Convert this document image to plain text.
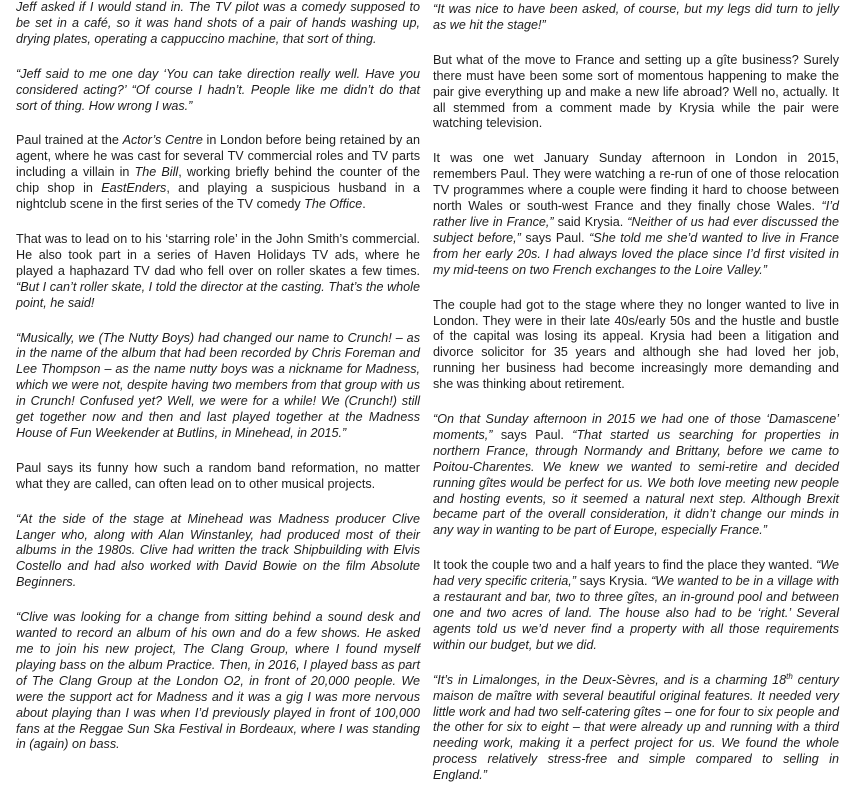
Jeff asked if I would stand in. The TV pilot was a comedy supposed to be set in a café, so it was hand shots of a pair of hands washing up, drying plates, operating a cappuccino machine, that sort of thing.

“Jeff said to me one day ‘You can take direction really well. Have you considered acting?’ “Of course I hadn’t. People like me didn’t do that sort of thing. How wrong I was.”

Paul trained at the Actor’s Centre in London before being retained by an agent, where he was cast for several TV commercial roles and TV parts including a villain in The Bill, working briefly behind the counter of the chip shop in EastEnders, and playing a suspicious husband in a nightclub scene in the first series of the TV comedy The Office.

That was to lead on to his ‘starring role’ in the John Smith’s commercial. He also took part in a series of Haven Holidays TV ads, where he played a haphazard TV dad who fell over on roller skates a few times. “But I can’t roller skate, I told the director at the casting. That’s the whole point, he said!

“Musically, we (The Nutty Boys) had changed our name to Crunch! – as in the name of the album that had been recorded by Chris Foreman and Lee Thompson – as the name nutty boys was a nickname for Madness, which we were not, despite having two members from that group with us in Crunch! Confused yet? Well, we were for a while! We (Crunch!) still get together now and then and last played together at the Madness House of Fun Weekender at Butlins, in Minehead, in 2015.”

Paul says its funny how such a random band reformation, no matter what they are called, can often lead on to other musical projects.

“At the side of the stage at Minehead was Madness producer Clive Langer who, along with Alan Winstanley, had produced most of their albums in the 1980s. Clive had written the track Shipbuilding with Elvis Costello and had also worked with David Bowie on the film Absolute Beginners.

“Clive was looking for a change from sitting behind a sound desk and wanted to record an album of his own and do a few shows. He asked me to join his new project, The Clang Group, where I found myself playing bass on the album Practice. Then, in 2016, I played bass as part of The Clang Group at the London O2, in front of 20,000 people. We were the support act for Madness and it was a gig I was more nervous about playing than I was when I’d previously played in front of 100,000 fans at the Reggae Sun Ska Festival in Bordeaux, where I was standing in (again) on bass.

“It was nice to have been asked, of course, but my legs did turn to jelly as we hit the stage!”

But what of the move to France and setting up a gîte business? Surely there must have been some sort of momentous happening to make the pair give everything up and make a new life abroad? Well no, actually. It all stemmed from a comment made by Krysia while the pair were watching television.

It was one wet January Sunday afternoon in London in 2015, remembers Paul. They were watching a re-run of one of those relocation TV programmes where a couple were finding it hard to choose between north Wales or south-west France and they finally chose Wales. “I’d rather live in France,” said Krysia. “Neither of us had ever discussed the subject before,” says Paul. “She told me she’d wanted to live in France from her early 20s. I had always loved the place since I’d first visited in my mid-teens on two French exchanges to the Loire Valley.”

The couple had got to the stage where they no longer wanted to live in London. They were in their late 40s/early 50s and the hustle and bustle of the capital was losing its appeal. Krysia had been a litigation and divorce solicitor for 35 years and although she had loved her job, running her business had become increasingly more demanding and she was thinking about retirement.

“On that Sunday afternoon in 2015 we had one of those ‘Damascene’ moments,” says Paul. “That started us searching for properties in northern France, through Normandy and Brittany, before we came to Poitou-Charentes. We knew we wanted to semi-retire and decided running gîtes would be perfect for us. We both love meeting new people and hosting events, so it seemed a natural next step. Although Brexit became part of the overall consideration, it didn’t change our minds in any way in wanting to be part of Europe, especially France.”

It took the couple two and a half years to find the place they wanted. “We had very specific criteria,” says Krysia. “We wanted to be in a village with a restaurant and bar, two to three gîtes, an in-ground pool and between one and two acres of land. The house also had to be ‘right.’ Several agents told us we’d never find a property with all those requirements within our budget, but we did.

“It’s in Limalonges, in the Deux-Sèvres, and is a charming 18th century maison de maître with several beautiful original features. It needed very little work and had two self-catering gîtes – one for four to six people and the other for six to eight – that were already up and running with a third needing work, making it a perfect project for us. We found the whole process relatively stress-free and simple compared to selling in England.”
